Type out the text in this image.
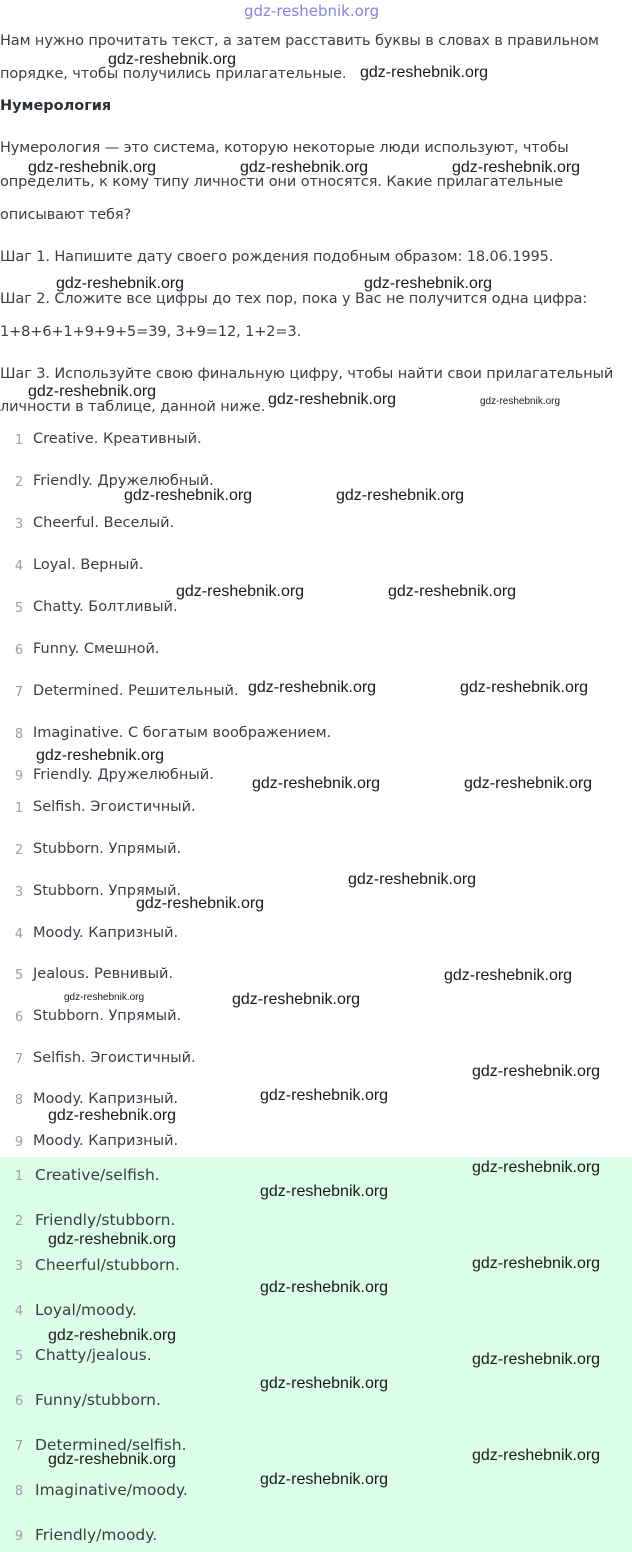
gdz-reshebnik.org
Нам нужно прочитать текст, а затем расставить буквы в словах в правильном
порядке, чтобы получились прилагательные.
Нумерология
Нумерология — это система, которую некоторые люди используют, чтобы
определить, к кому типу личности они относятся. Какие прилагательные
описывают тебя?
Шаг 1. Напишите дату своего рождения подобным образом: 18.06.1995.
Шаг 2. Сложите все цифры до тех пор, пока у Вас не получится одна цифра:
1+8+6+1+9+9+5=39, 3+9=12, 1+2=3.
Шаг 3. Используйте свою финальную цифру, чтобы найти свои прилагательный
личности в таблице, данной ниже.
1 Creative. Креативный.
2 Friendly. Дружелюбный.
3 Cheerful. Веселый.
4 Loyal. Верный.
5 Chatty. Болтливый.
6 Funny. Смешной.
7 Determined. Решительный.
8 Imaginative. С богатым воображением.
9 Friendly. Дружелюбный.
1 Selfish. Эгоистичный.
2 Stubborn. Упрямый.
3 Stubborn. Упрямый.
4 Moody. Капризный.
5 Jealous. Ревнивый.
6 Stubborn. Упрямый.
7 Selfish. Эгоистичный.
8 Moody. Капризный.
9 Moody. Капризный.
1 Creative/selfish.
2 Friendly/stubborn.
3 Cheerful/stubborn.
4 Loyal/moody.
5 Chatty/jealous.
6 Funny/stubborn.
7 Determined/selfish.
8 Imaginative/moody.
9 Friendly/moody.
gdz-reshebnik.org
gdz-reshebnik.org
gdz-reshebnik.org	gdz-reshebnik.org	gdz-reshebnik.org
gdz-reshebnik.org	gdz-reshebnik.org
gdz-reshebnik.org	gdz-reshebnik.org	gdz-reshebnik.org
gdz-reshebnik.org	gdz-reshebnik.org
gdz-reshebnik.org	gdz-reshebnik.org
gdz-reshebnik.org	gdz-reshebnik.org
gdz-reshebnik.org
gdz-reshebnik.org	gdz-reshebnik.org
gdz-reshebnik.org
gdz-reshebnik.org
gdz-reshebnik.org
gdz-reshebnik.org	gdz-reshebnik.org
gdz-reshebnik.org
gdz-reshebnik.org
gdz-reshebnik.org
gdz-reshebnik.org
gdz-reshebnik.org
gdz-reshebnik.org
gdz-reshebnik.org
gdz-reshebnik.org
gdz-reshebnik.org
gdz-reshebnik.org
gdz-reshebnik.org
gdz-reshebnik.org	gdz-reshebnik.org
gdz-reshebnik.org
